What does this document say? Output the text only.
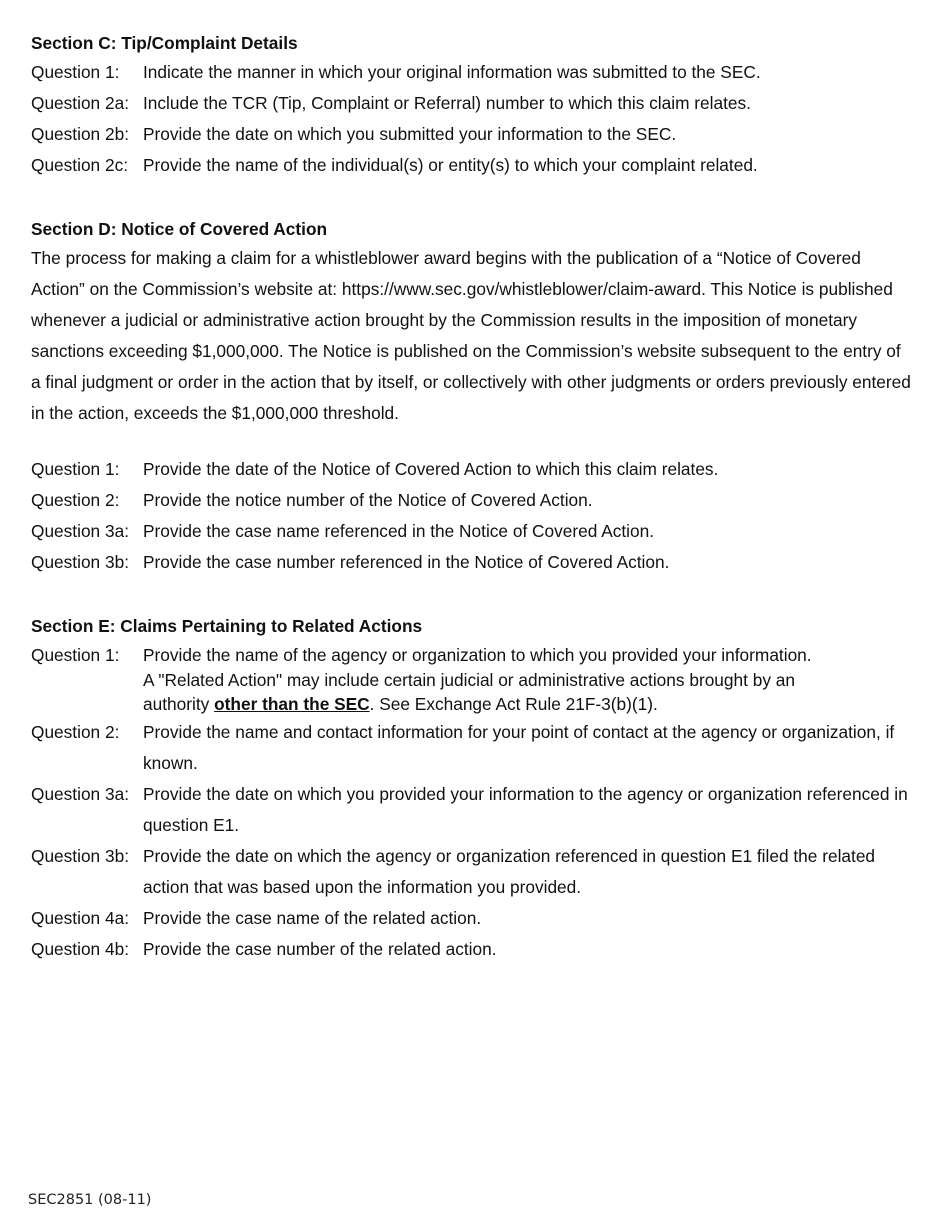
Section C: Tip/Complaint Details
Question 1:	Indicate the manner in which your original information was submitted to the SEC.
Question 2a: Include the TCR (Tip, Complaint or Referral) number to which this claim relates.
Question 2b: Provide the date on which you submitted your information to the SEC.
Question 2c: Provide the name of the individual(s) or entity(s) to which your complaint related.
Section D: Notice of Covered Action

The process for making a claim for a whistleblower award begins with the publication of a “Notice of Covered Action” on the Commission’s website at: https://www.sec.gov/whistleblower/claim-award. This Notice is published whenever a judicial or administrative action brought by the Commission results in the imposition of monetary sanctions exceeding $1,000,000. The Notice is published on the Commission’s website subsequent to the entry of a final judgment or order in the action that by itself, or collectively with other judgments or orders previously entered in the action, exceeds the $1,000,000 threshold.

Question 1:	Provide the date of the Notice of Covered Action to which this claim relates.
Question 2:	Provide the notice number of the Notice of Covered Action.
Question 3a: Provide the case name referenced in the Notice of Covered Action.
Question 3b: Provide the case number referenced in the Notice of Covered Action.
Section E: Claims Pertaining to Related Actions
Question 1:	Provide the name of the agency or organization to which you provided your information.
A "Related Action" may include certain judicial or administrative actions brought by an
authority other than the SEC. See Exchange Act Rule 21F-3(b)(1).
Question 2:	Provide the name and contact information for your point of contact at the agency or organization, if known.
Question 3a: Provide the date on which you provided your information to the agency or organization referenced in question E1.
Question 3b: Provide the date on which the agency or organization referenced in question E1 filed the related action that was based upon the information you provided.
Question 4a: Provide the case name of the related action.
Question 4b: Provide the case number of the related action.
SEC2851 (08-11)
